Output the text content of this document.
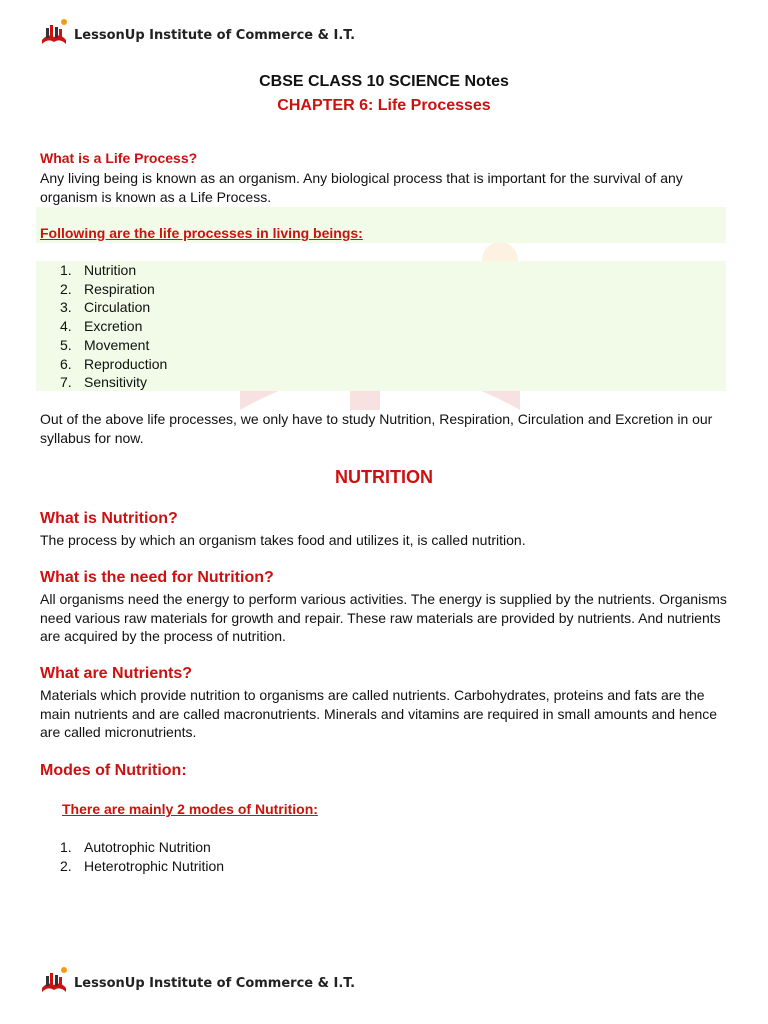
LessonUp Institute of Commerce & I.T.
CBSE CLASS 10 SCIENCE Notes
CHAPTER 6: Life Processes
What is a Life Process?
Any living being is known as an organism. Any biological process that is important for the survival of any organism is known as a Life Process.
Following are the life processes in living beings:
1. Nutrition
2. Respiration
3. Circulation
4. Excretion
5. Movement
6. Reproduction
7. Sensitivity
Out of the above life processes, we only have to study Nutrition, Respiration, Circulation and Excretion in our syllabus for now.
NUTRITION
What is Nutrition?
The process by which an organism takes food and utilizes it, is called nutrition.
What is the need for Nutrition?
All organisms need the energy to perform various activities. The energy is supplied by the nutrients. Organisms need various raw materials for growth and repair. These raw materials are provided by nutrients. And nutrients are acquired by the process of nutrition.
What are Nutrients?
Materials which provide nutrition to organisms are called nutrients. Carbohydrates, proteins and fats are the main nutrients and are called macronutrients. Minerals and vitamins are required in small amounts and hence are called micronutrients.
Modes of Nutrition:
There are mainly 2 modes of Nutrition:
1. Autotrophic Nutrition
2. Heterotrophic Nutrition
LessonUp Institute of Commerce & I.T.
